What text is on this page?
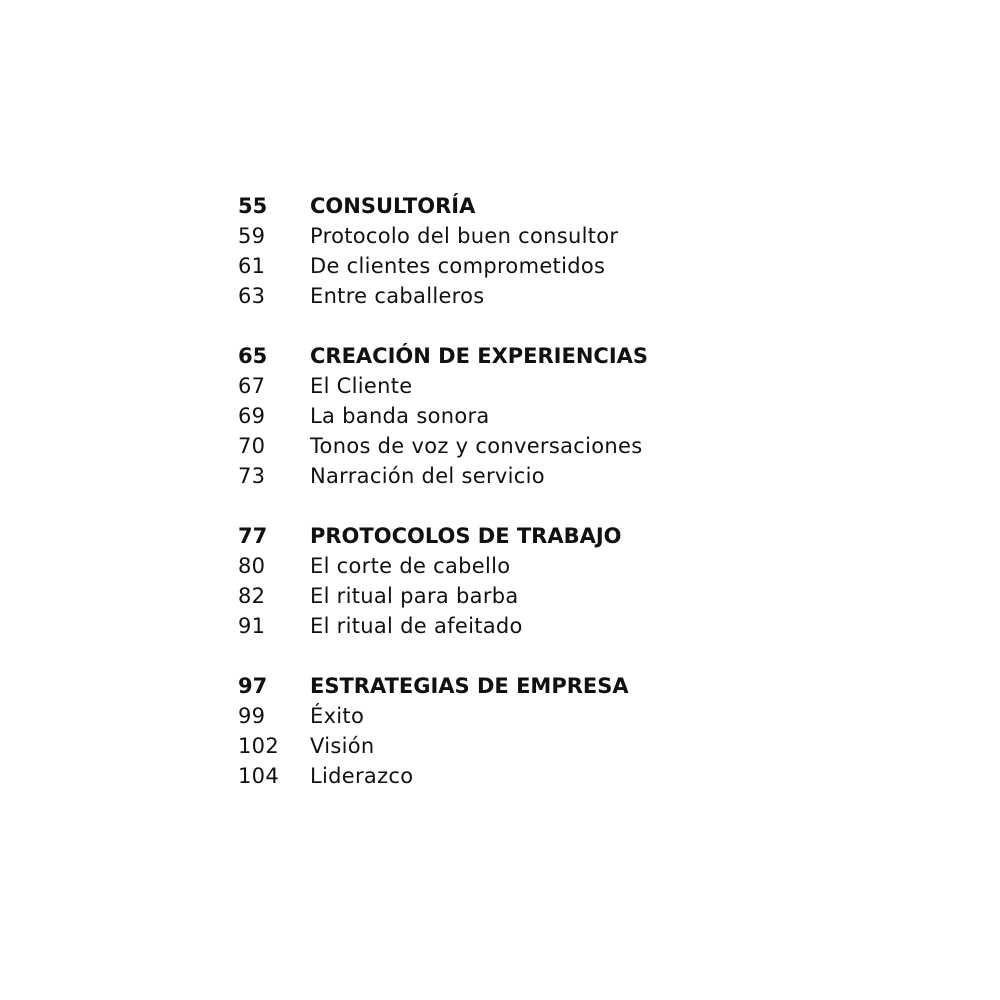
55	CONSULTORÍA
59	Protocolo del buen consultor
61	De clientes comprometidos
63	Entre caballeros
65	CREACIÓN DE EXPERIENCIAS
67	El Cliente
69	La banda sonora
70	Tonos de voz y conversaciones
73	Narración del servicio
77	PROTOCOLOS DE TRABAJO
80	El corte de cabello
82	El ritual para barba
91	El ritual de afeitado
97	ESTRATEGIAS DE EMPRESA
99	Éxito
102	Visión
104	Liderazco
